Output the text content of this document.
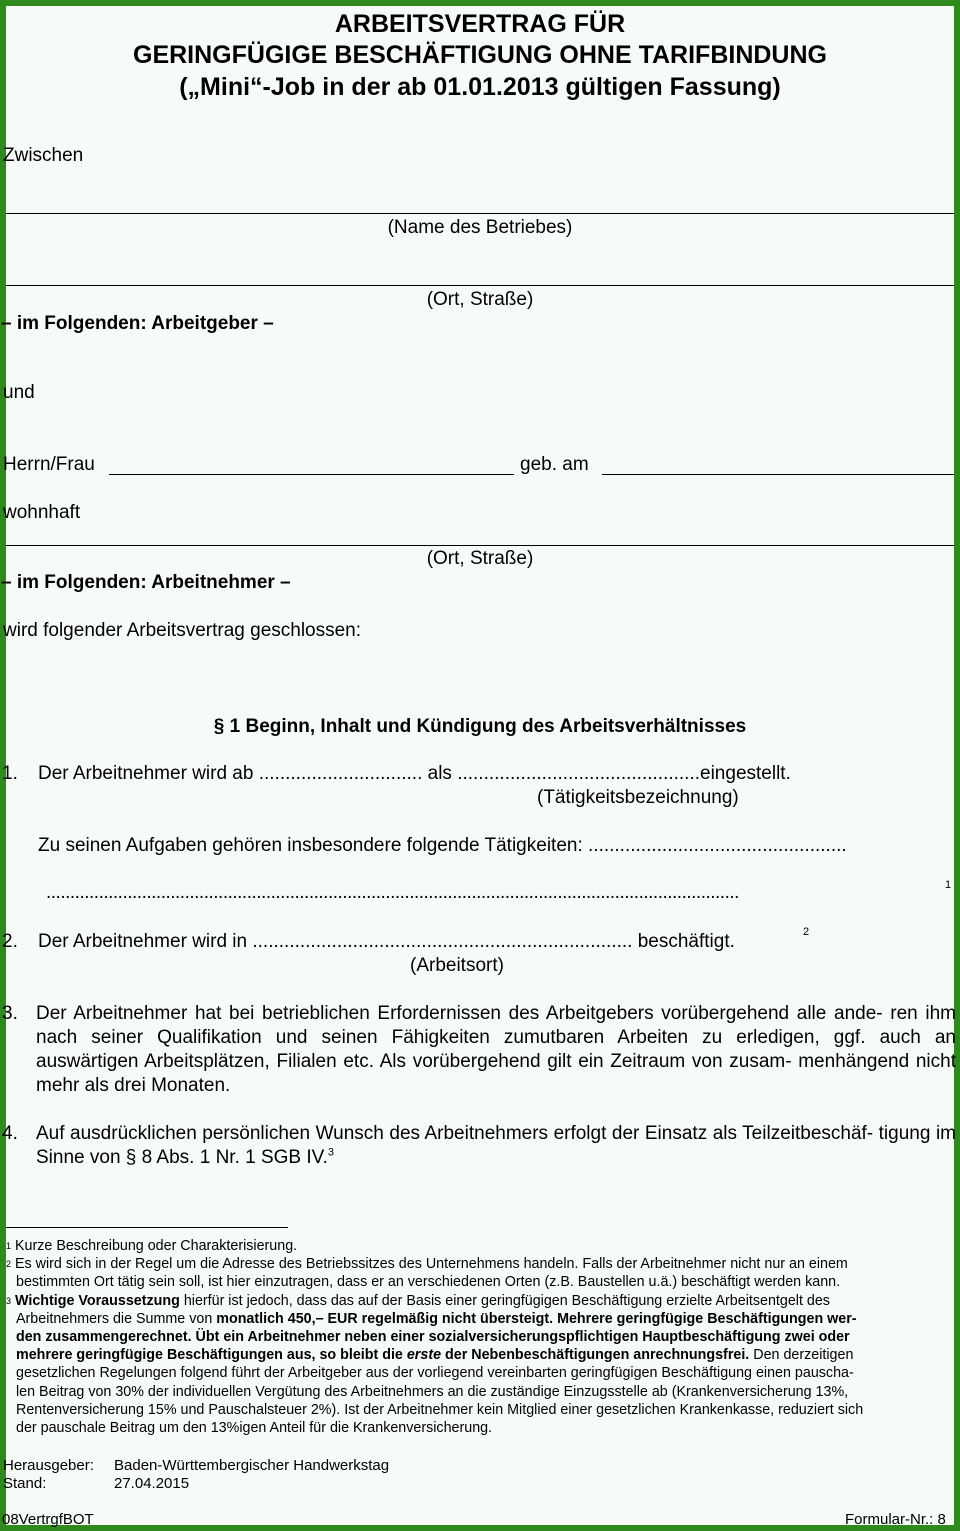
ARBEITSVERTRAG FÜR
GERINGFÜGIGE BESCHÄFTIGUNG OHNE TARIFBINDUNG
(„Mini“-Job in der ab 01.01.2013 gültigen Fassung)
Zwischen
(Name des Betriebes)
(Ort, Straße)
– im Folgenden: Arbeitgeber –
und
Herrn/Frau	geb. am
wohnhaft
(Ort, Straße)
– im Folgenden: Arbeitnehmer –
wird folgender Arbeitsvertrag geschlossen:
§ 1 Beginn, Inhalt und Kündigung des Arbeitsverhältnisses
1. Der Arbeitnehmer wird ab ............................... als ..............................................eingestellt.
(Tätigkeitsbezeichnung)
Zu seinen Aufgaben gehören insbesondere folgende Tätigkeiten: .................................................
.................................................................................................................................................	1
2. Der Arbeitnehmer wird in ........................................................................ beschäftigt.	2
(Arbeitsort)
3. Der Arbeitnehmer hat bei betrieblichen Erfordernissen des Arbeitgebers vorübergehend alle ande- ren ihm nach seiner Qualifikation und seinen Fähigkeiten zumutbaren Arbeiten zu erledigen, ggf. auch an auswärtigen Arbeitsplätzen, Filialen etc. Als vorübergehend gilt ein Zeitraum von zusam- menhängend nicht mehr als drei Monaten.
4. Auf ausdrücklichen persönlichen Wunsch des Arbeitnehmers erfolgt der Einsatz als Teilzeitbeschäf- tigung im Sinne von § 8 Abs. 1 Nr. 1 SGB IV.$^3$
$^1$ Kurze Beschreibung oder Charakterisierung.
$^2$ Es wird sich in der Regel um die Adresse des Betriebssitzes des Unternehmens handeln. Falls der Arbeitnehmer nicht nur an einem
bestimmten Ort tätig sein soll, ist hier einzutragen, dass er an verschiedenen Orten (z.B. Baustellen u.ä.) beschäftigt werden kann.
$^3$ Wichtige Voraussetzung hierfür ist jedoch, dass das auf der Basis einer geringfügigen Beschäftigung erzielte Arbeitsentgelt des
Arbeitnehmers die Summe von monatlich 450,– EUR regelmäßig nicht übersteigt. Mehrere geringfügige Beschäftigungen wer-
den zusammengerechnet. Übt ein Arbeitnehmer neben einer sozialversicherungspflichtigen Hauptbeschäftigung zwei oder
mehrere geringfügige Beschäftigungen aus, so bleibt die erste der Nebenbeschäftigungen anrechnungsfrei. Den derzeitigen
gesetzlichen Regelungen folgend führt der Arbeitgeber aus der vorliegend vereinbarten geringfügigen Beschäftigung einen pauscha-
len Beitrag von 30% der individuellen Vergütung des Arbeitnehmers an die zuständige Einzugsstelle ab (Krankenversicherung 13%,
Rentenversicherung 15% und Pauschalsteuer 2%). Ist der Arbeitnehmer kein Mitglied einer gesetzlichen Krankenkasse, reduziert sich
der pauschale Beitrag um den 13%igen Anteil für die Krankenversicherung.
Herausgeber: Baden-Württembergischer Handwerkstag
Stand:	27.04.2015
08VertrgfBOT	Formular-Nr.: 8
